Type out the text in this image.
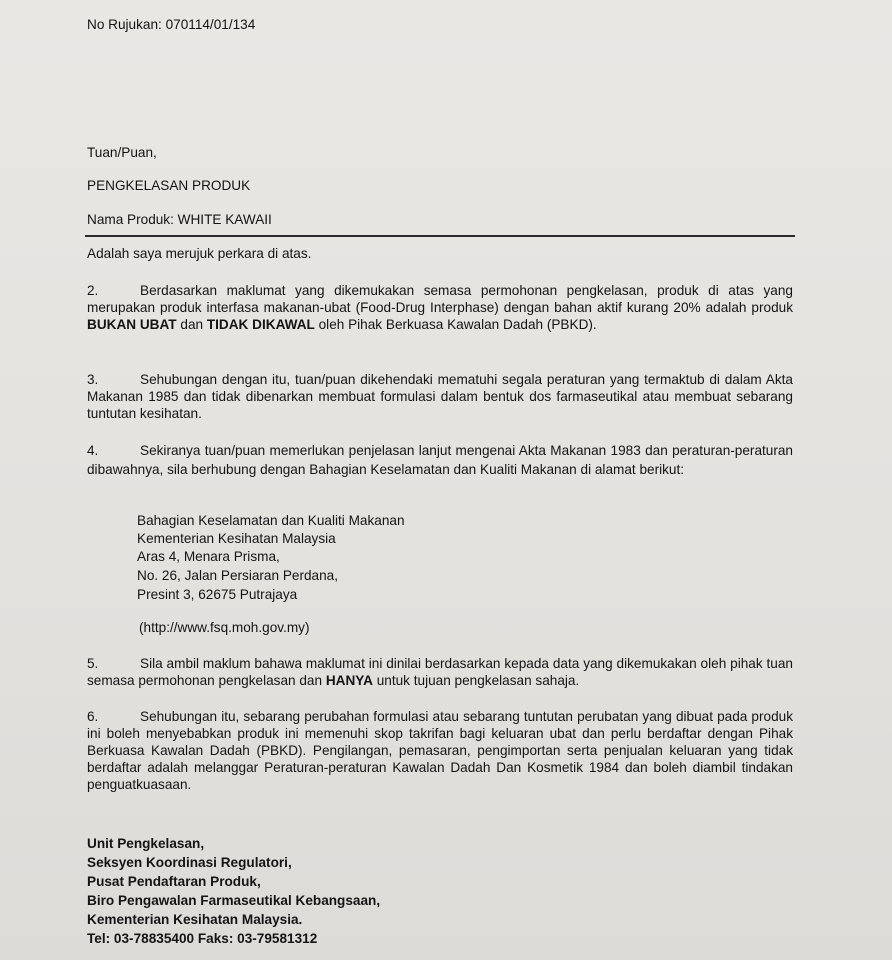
No Rujukan: 070114/01/134
Tuan/Puan,
PENGKELASAN PRODUK
Nama Produk: WHITE KAWAII
Adalah saya merujuk perkara di atas.
2.	Berdasarkan maklumat yang dikemukakan semasa permohonan pengkelasan, produk di atas yang merupakan produk interfasa makanan-ubat (Food-Drug Interphase) dengan bahan aktif kurang 20% adalah produk BUKAN UBAT dan TIDAK DIKAWAL oleh Pihak Berkuasa Kawalan Dadah (PBKD).
3.	Sehubungan dengan itu, tuan/puan dikehendaki mematuhi segala peraturan yang termaktub di dalam Akta Makanan 1985 dan tidak dibenarkan membuat formulasi dalam bentuk dos farmaseutikal atau membuat sebarang tuntutan kesihatan.
4.	Sekiranya tuan/puan memerlukan penjelasan lanjut mengenai Akta Makanan 1983 dan peraturan-peraturan dibawahnya, sila berhubung dengan Bahagian Keselamatan dan Kualiti Makanan di alamat berikut:
Bahagian Keselamatan dan Kualiti Makanan
Kementerian Kesihatan Malaysia
Aras 4, Menara Prisma,
No. 26, Jalan Persiaran Perdana,
Presint 3, 62675 Putrajaya
(http://www.fsq.moh.gov.my)
5.	Sila ambil maklum bahawa maklumat ini dinilai berdasarkan kepada data yang dikemukakan oleh pihak tuan semasa permohonan pengkelasan dan HANYA untuk tujuan pengkelasan sahaja.
6.	Sehubungan itu, sebarang perubahan formulasi atau sebarang tuntutan perubatan yang dibuat pada produk ini boleh menyebabkan produk ini memenuhi skop takrifan bagi keluaran ubat dan perlu berdaftar dengan Pihak Berkuasa Kawalan Dadah (PBKD). Pengilangan, pemasaran, pengimportan serta penjualan keluaran yang tidak berdaftar adalah melanggar Peraturan-peraturan Kawalan Dadah Dan Kosmetik 1984 dan boleh diambil tindakan penguatkuasaan.
Unit Pengkelasan,
Seksyen Koordinasi Regulatori,
Pusat Pendaftaran Produk,
Biro Pengawalan Farmaseutikal Kebangsaan,
Kementerian Kesihatan Malaysia.
Tel: 03-78835400 Faks: 03-79581312
